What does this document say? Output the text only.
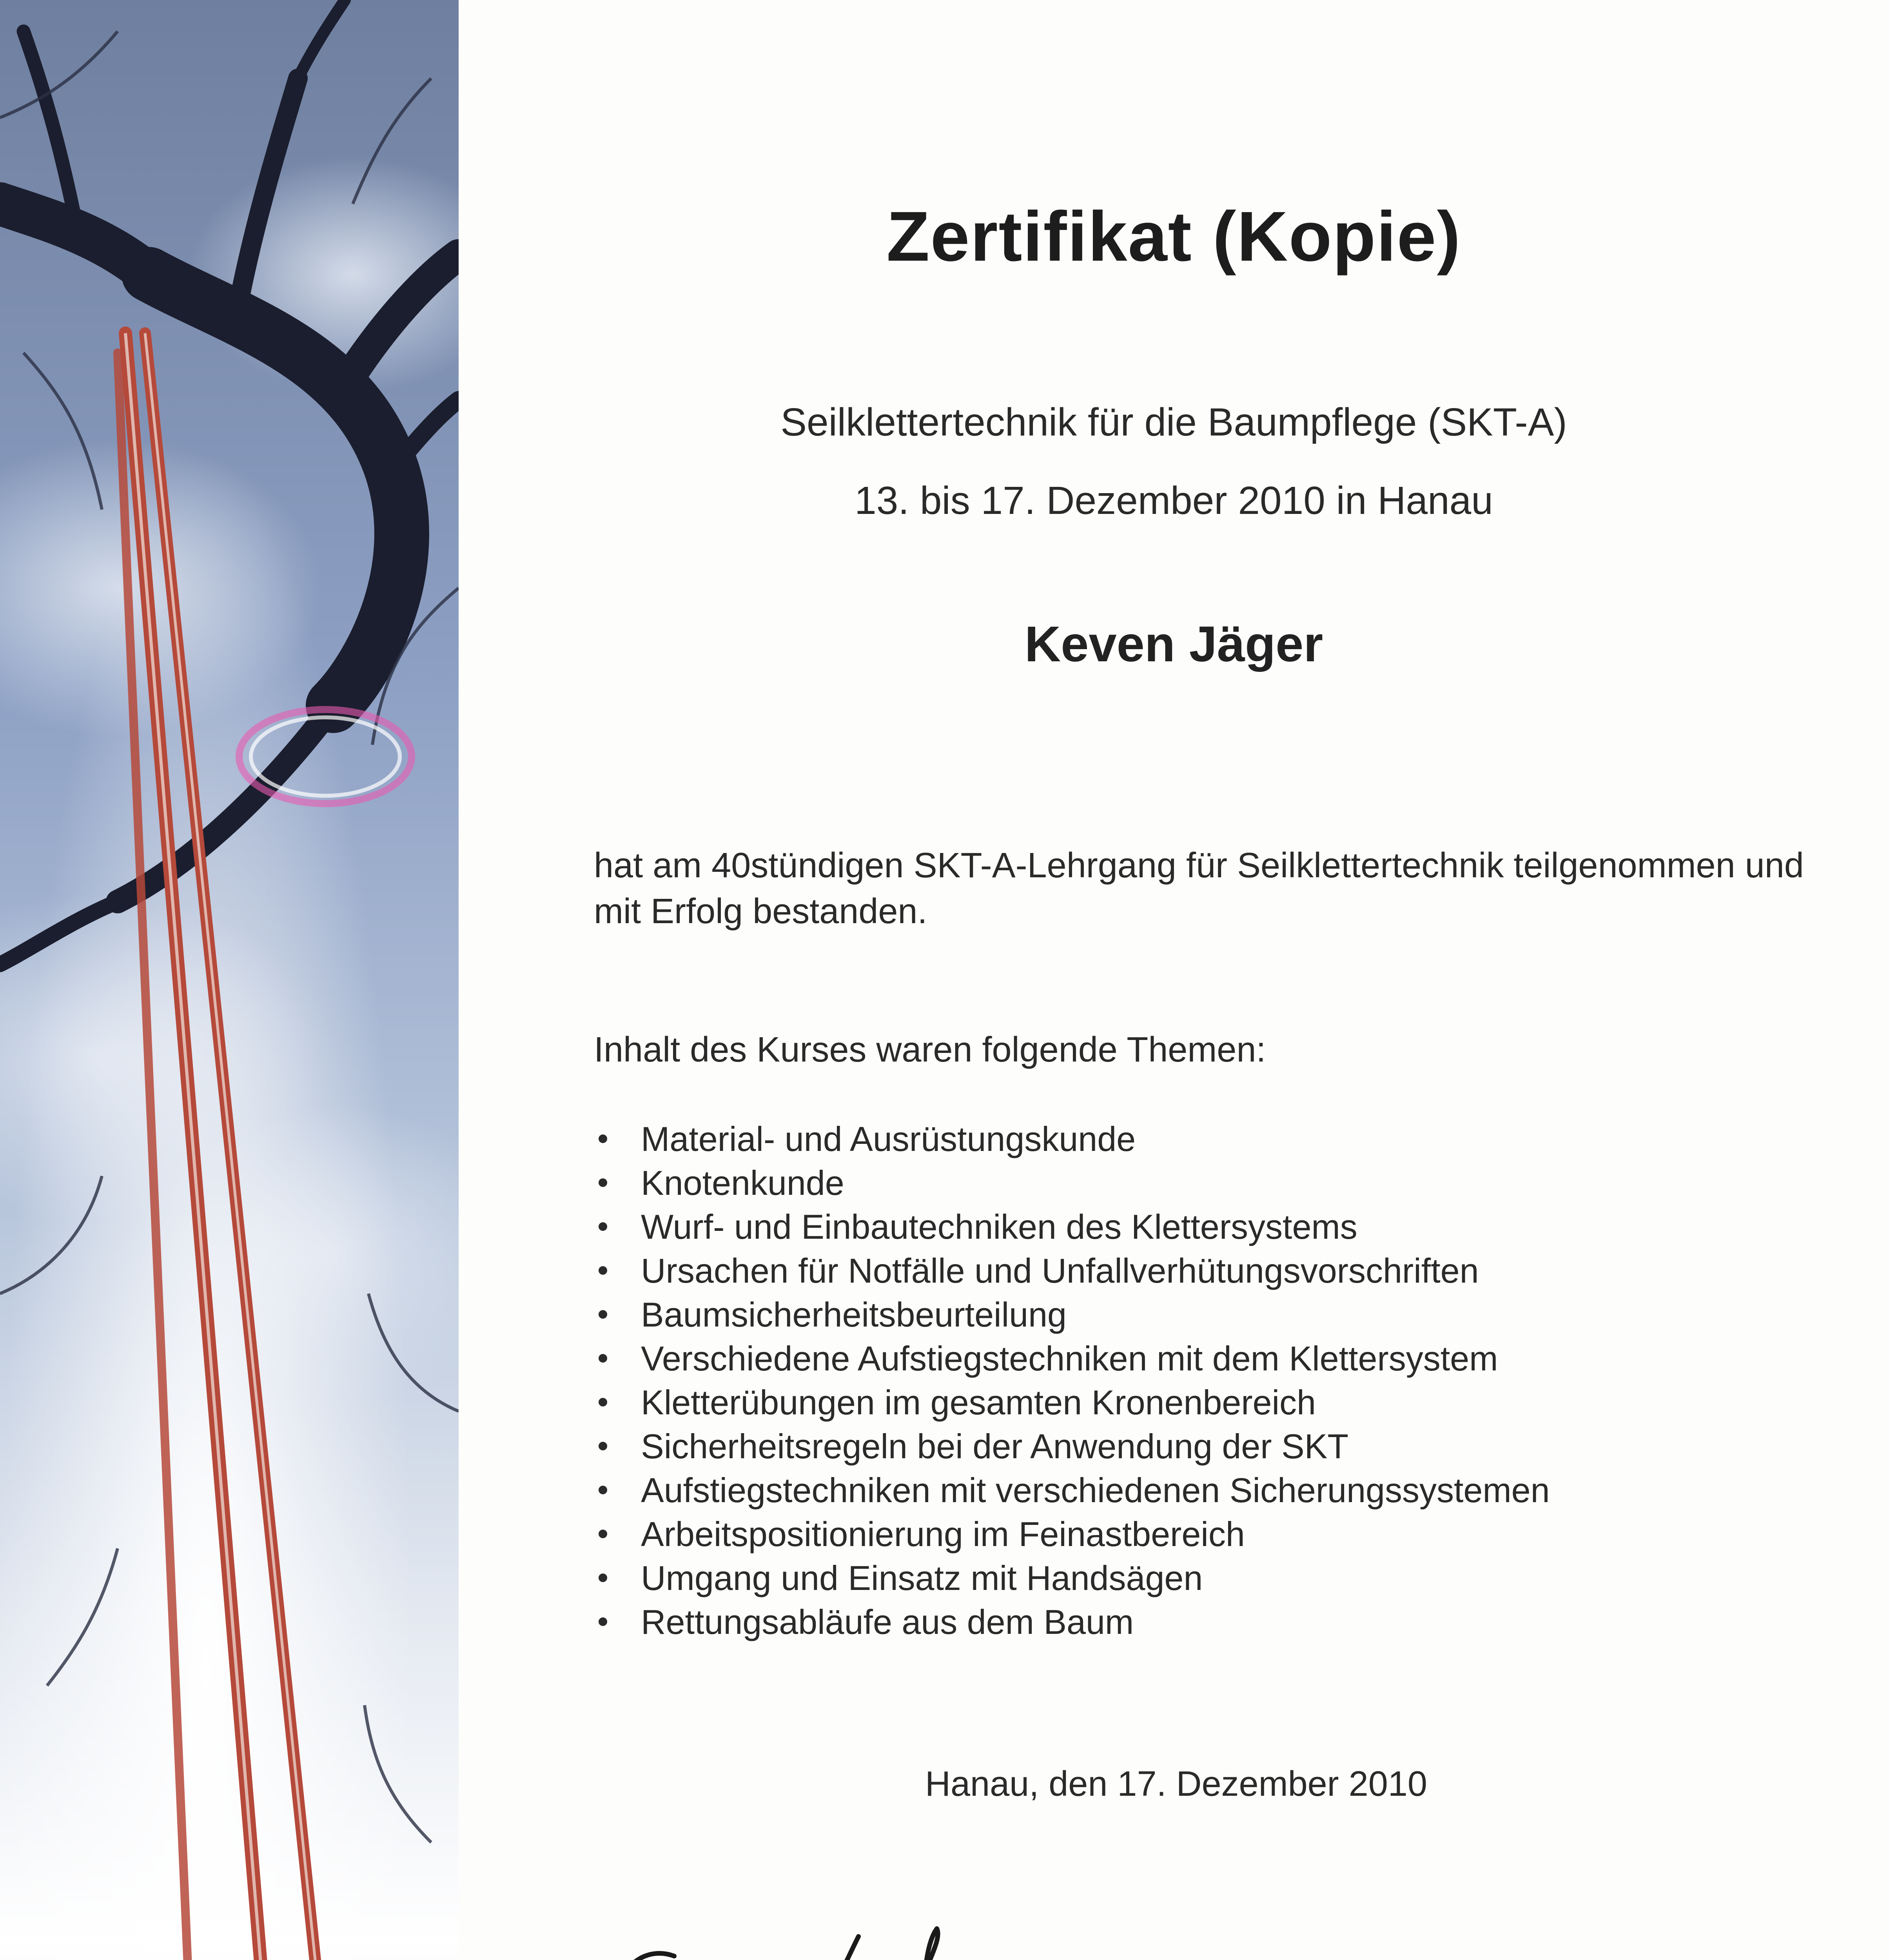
Zertifikat (Kopie)
Seilklettertechnik für die Baumpflege (SKT-A)
13. bis 17. Dezember 2010 in Hanau
Keven Jäger
hat am 40stündigen SKT-A-Lehrgang für Seilklettertechnik teilgenommen und mit Erfolg bestanden.
Inhalt des Kurses waren folgende Themen:
Material- und Ausrüstungskunde
Knotenkunde
Wurf- und Einbautechniken des Klettersystems
Ursachen für Notfälle und Unfallverhütungsvorschriften
Baumsicherheitsbeurteilung
Verschiedene Aufstiegstechniken mit dem Klettersystem
Kletterübungen im gesamten Kronenbereich
Sicherheitsregeln bei der Anwendung der SKT
Aufstiegstechniken mit verschiedenen Sicherungssystemen
Arbeitspositionierung im Feinastbereich
Umgang und Einsatz mit Handsägen
Rettungsabläufe aus dem Baum
Hanau, den 17. Dezember 2010
